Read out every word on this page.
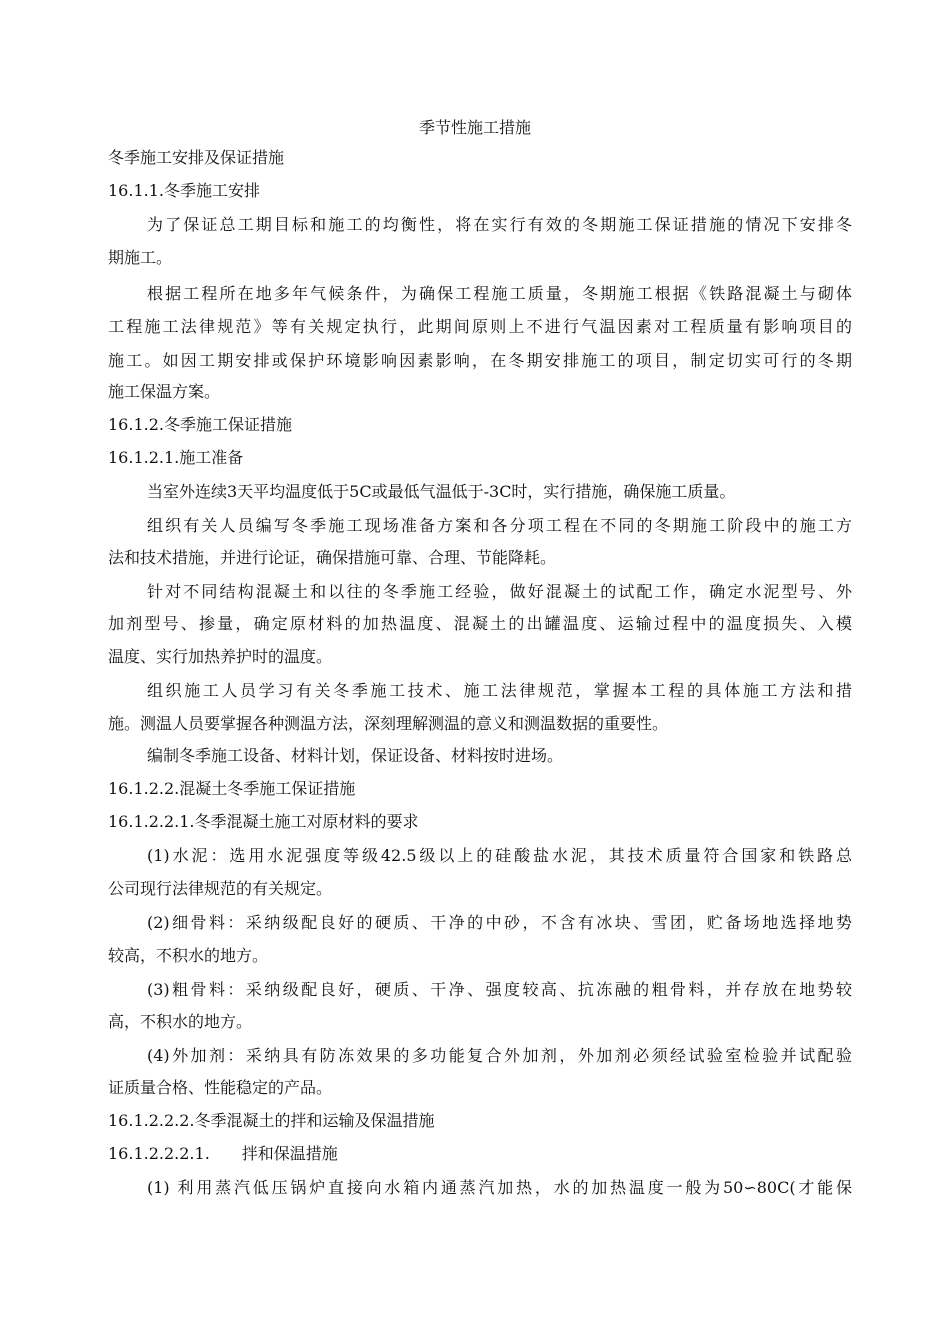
季节性施工措施
冬季施工安排及保证措施
16.1.1.冬季施工安排
为了保证总工期目标和施工的均衡性，将在实行有效的冬期施工保证措施的情况下安排冬
期施工。
根据工程所在地多年气候条件，为确保工程施工质量，冬期施工根据《铁路混凝土与砌体
工程施工法律规范》等有关规定执行，此期间原则上不进行气温因素对工程质量有影响项目的
施工。如因工期安排或保护环境影响因素影响，在冬期安排施工的项目，制定切实可行的冬期
施工保温方案。
16.1.2.冬季施工保证措施
16.1.2.1.施工准备
当室外连续3天平均温度低于5C或最低气温低于-3C时，实行措施，确保施工质量。
组织有关人员编写冬季施工现场准备方案和各分项工程在不同的冬期施工阶段中的施工方
法和技术措施，并进行论证，确保措施可靠、合理、节能降耗。
针对不同结构混凝土和以往的冬季施工经验，做好混凝土的试配工作，确定水泥型号、外
加剂型号、掺量，确定原材料的加热温度、混凝土的出罐温度、运输过程中的温度损失、入模
温度、实行加热养护时的温度。
组织施工人员学习有关冬季施工技术、施工法律规范，掌握本工程的具体施工方法和措
施。测温人员要掌握各种测温方法，深刻理解测温的意义和测温数据的重要性。
编制冬季施工设备、材料计划，保证设备、材料按时进场。
16.1.2.2.混凝土冬季施工保证措施
16.1.2.2.1.冬季混凝土施工对原材料的要求
(1)水泥：选用水泥强度等级42.5级以上的硅酸盐水泥，其技术质量符合国家和铁路总
公司现行法律规范的有关规定。
(2)细骨料：采纳级配良好的硬质、干净的中砂，不含有冰块、雪团，贮备场地选择地势
较高，不积水的地方。
(3)粗骨料：采纳级配良好，硬质、干净、强度较高、抗冻融的粗骨料，并存放在地势较
高，不积水的地方。
(4)外加剂：采纳具有防冻效果的多功能复合外加剂，外加剂必须经试验室检验并试配验
证质量合格、性能稳定的产品。
16.1.2.2.2.冬季混凝土的拌和运输及保温措施
16.1.2.2.2.1.　　拌和保温措施
(1) 利用蒸汽低压锅炉直接向水箱内通蒸汽加热，水的加热温度一般为50∽80C(才能保
